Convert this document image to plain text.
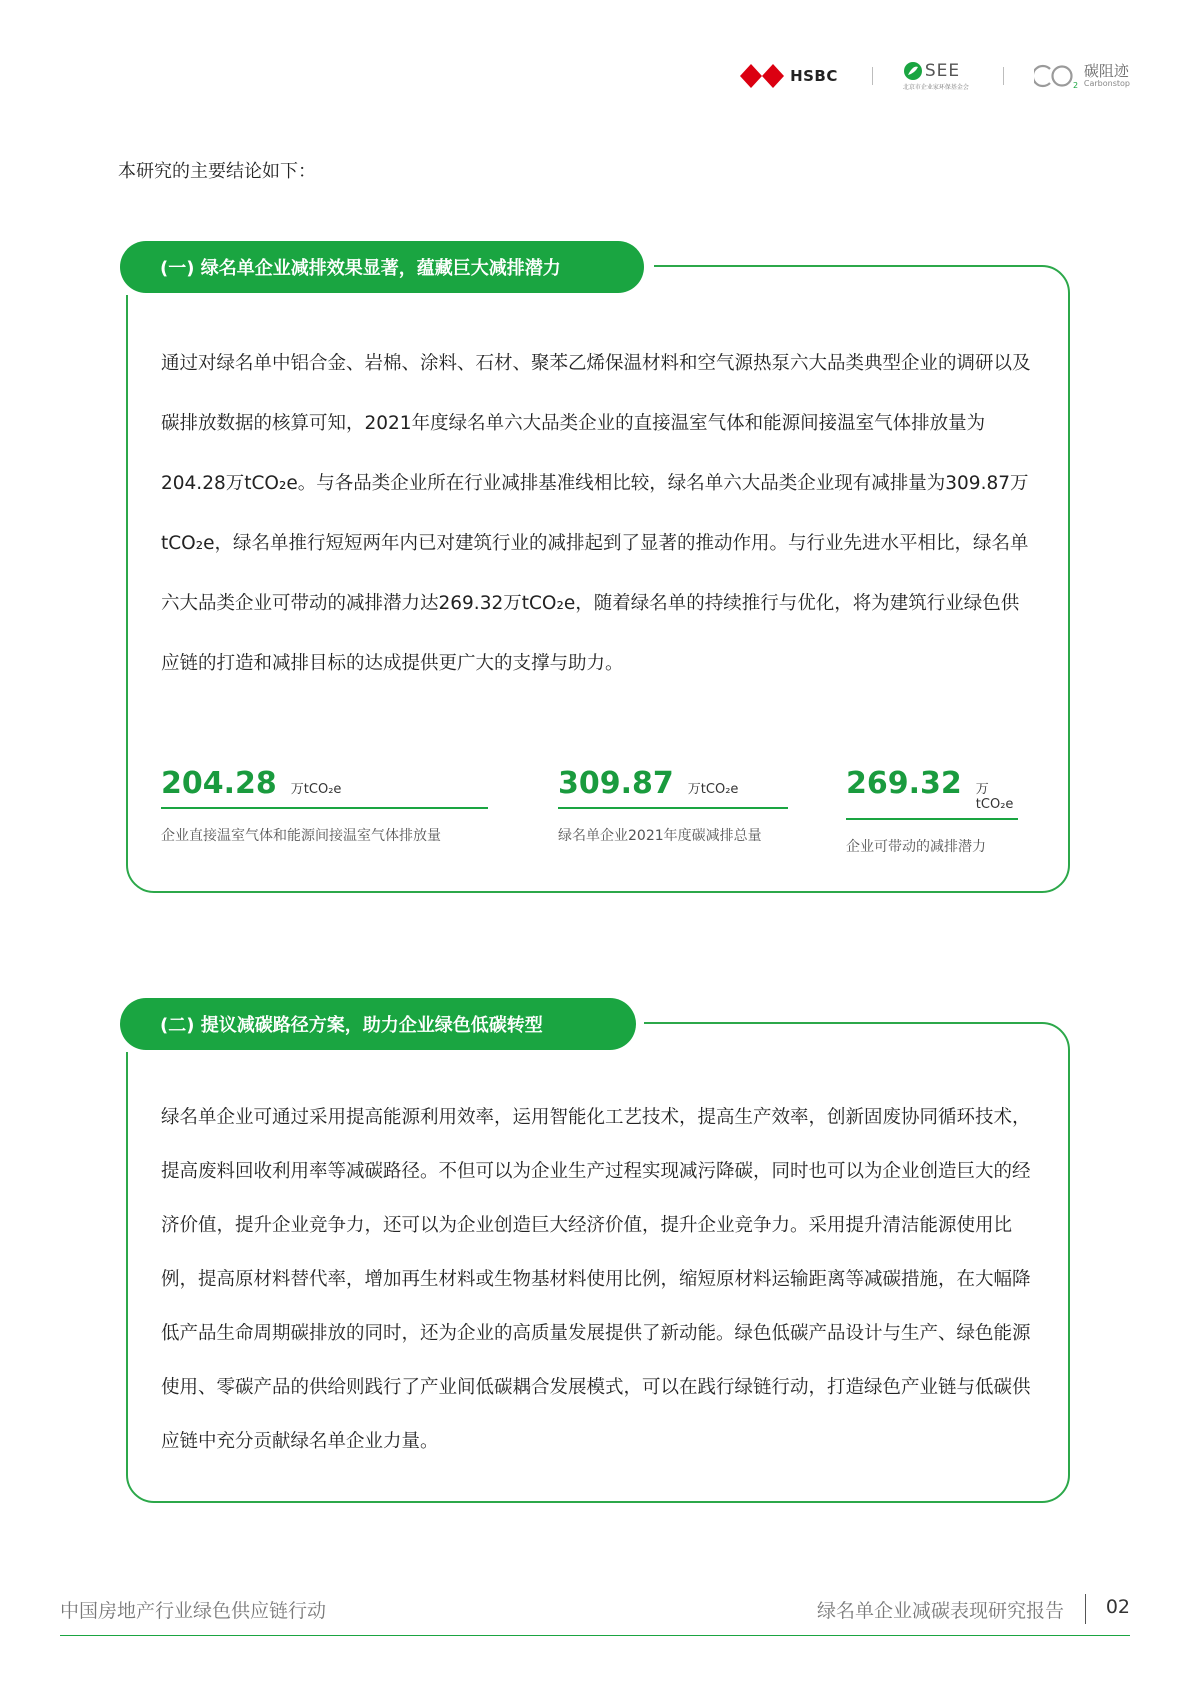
HSBC	SEE
北京市企业家环保基金会	2
碳阻迹
Carbonstop
本研究的主要结论如下：
(一) 绿名单企业减排效果显著，蕴藏巨大减排潜力

通过对绿名单中铝合金、岩棉、涂料、石材、聚苯乙烯保温材料和空气源热泵六大品类典型企业的调研以及碳排放数据的核算可知，2021年度绿名单六大品类企业的直接温室气体和能源间接温室气体排放量为204.28万tCO₂e。与各品类企业所在行业减排基准线相比较，绿名单六大品类企业现有减排量为309.87万tCO₂e，绿名单推行短短两年内已对建筑行业的减排起到了显著的推动作用。与行业先进水平相比，绿名单六大品类企业可带动的减排潜力达269.32万tCO₂e，随着绿名单的持续推行与优化，将为建筑行业绿色供应链的打造和减排目标的达成提供更广大的支撑与助力。

204.28 万tCO₂e
企业直接温室气体和能源间接温室气体排放量
309.87 万tCO₂e
绿名单企业2021年度碳减排总量
269.32 万tCO₂e
企业可带动的减排潜力
(二) 提议减碳路径方案，助力企业绿色低碳转型

绿名单企业可通过采用提高能源利用效率，运用智能化工艺技术，提高生产效率，创新固废协同循环技术，提高废料回收利用率等减碳路径。不但可以为企业生产过程实现减污降碳，同时也可以为企业创造巨大的经济价值，提升企业竞争力，还可以为企业创造巨大经济价值，提升企业竞争力。采用提升清洁能源使用比例，提高原材料替代率，增加再生材料或生物基材料使用比例，缩短原材料运输距离等减碳措施，在大幅降低产品生命周期碳排放的同时，还为企业的高质量发展提供了新动能。绿色低碳产品设计与生产、绿色能源使用、零碳产品的供给则践行了产业间低碳耦合发展模式，可以在践行绿链行动，打造绿色产业链与低碳供应链中充分贡献绿名单企业力量。

中国房地产行业绿色供应链行动	绿名单企业减碳表现研究报告 02
